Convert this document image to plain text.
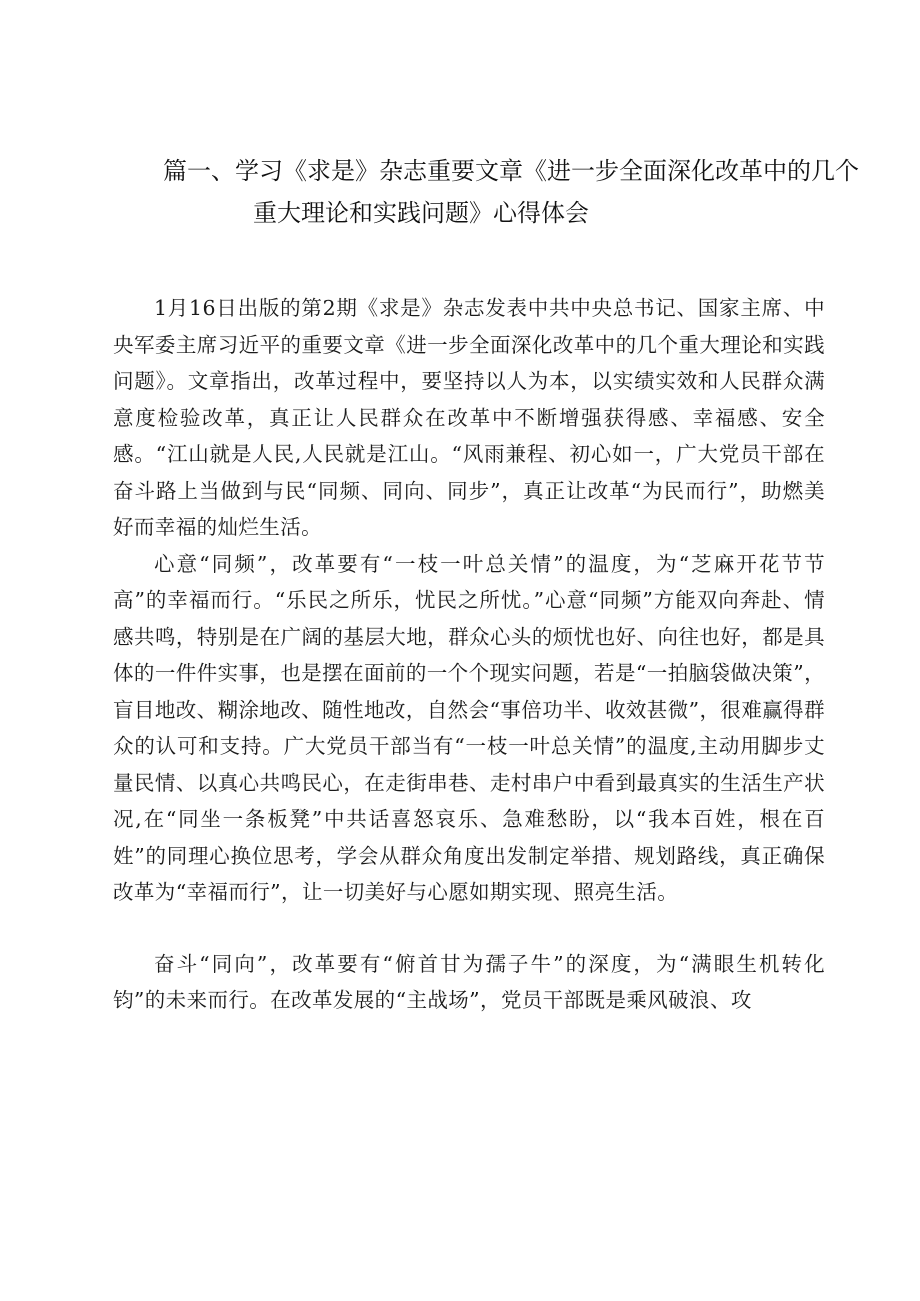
篇一、学习《求是》杂志重要文章《进一步全面深化改革中的几个
重大理论和实践问题》心得体会

1月16日出版的第2期《求是》杂志发表中共中央总书记、国家主席、中央军委主席习近平的重要文章《进一步全面深化改革中的几个重大理论和实践问题》。文章指出，改革过程中，要坚持以人为本，以实绩实效和人民群众满意度检验改革，真正让人民群众在改革中不断增强获得感、幸福感、安全感。“江山就是人民,人民就是江山。“风雨兼程、初心如一，广大党员干部在奋斗路上当做到与民“同频、同向、同步”，真正让改革“为民而行”，助燃美好而幸福的灿烂生活。

心意“同频”，改革要有“一枝一叶总关情”的温度，为“芝麻开花节节高”的幸福而行。“乐民之所乐，忧民之所忧。”心意“同频”方能双向奔赴、情感共鸣，特别是在广阔的基层大地，群众心头的烦忧也好、向往也好，都是具体的一件件实事，也是摆在面前的一个个现实问题，若是“一拍脑袋做决策”，盲目地改、糊涂地改、随性地改，自然会“事倍功半、收效甚微”，很难赢得群众的认可和支持。广大党员干部当有“一枝一叶总关情”的温度,主动用脚步丈量民情、以真心共鸣民心，在走街串巷、走村串户中看到最真实的生活生产状况,在“同坐一条板凳”中共话喜怒哀乐、急难愁盼，以“我本百姓，根在百姓”的同理心换位思考，学会从群众角度出发制定举措、规划路线，真正确保改革为“幸福而行”，让一切美好与心愿如期实现、照亮生活。

奋斗“同向”，改革要有“俯首甘为孺子牛”的深度，为“满眼生机转化钧”的未来而行。在改革发展的“主战场”，党员干部既是乘风破浪、攻
